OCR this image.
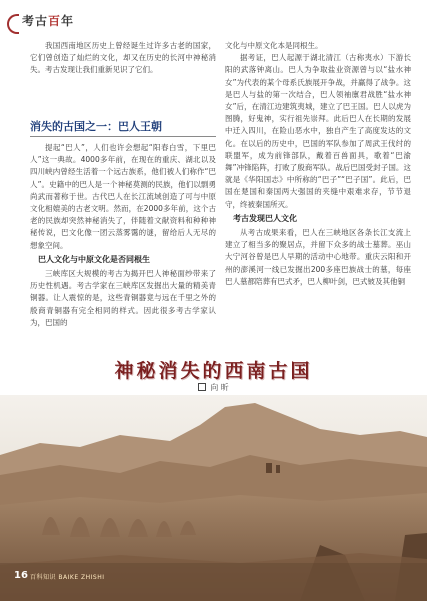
考古百年

我国西南地区历史上曾经诞生过许多古老的国家，它们曾创造了灿烂的文化，却又在历史的长河中神秘消失。考古发现让我们重新见识了它们。

消失的古国之一：巴人王朝

提起“巴人”，人们也许会想起“阳春白雪，下里巴人”这一典故。4000多年前，在现在的重庆、湖北以及四川峡内曾经生活着一个远古族系，他们被人们称作“巴人”。史籍中的巴人是一个神秘莫测的民族，他们以剽勇尚武而著称于世。古代巴人在长江流域创造了可与中原文化相媲美的古老文明。然而，在2000多年前，这个古老的民族却突然神秘消失了，伴随着文献资料和种种神秘传说，巴文化像一团云蒸雾霭的谜，留给后人无尽的想象空间。

巴人文化与中原文化是否同根生

三峡库区大规模的考古为揭开巴人神秘面纱带来了历史性机遇。考古学家在三峡库区发掘出大量的精美青铜器。让人震惊的是，这些青铜器竟与远在千里之外的殷商青铜器有完全相同的样式。因此很多考古学家认为，巴国的

文化与中原文化本是同根生。

据考证，巴人起源于湖北清江（古称夷水）下游长阳的武落钟离山。巴人为争取盐业资源曾与以“盐水神女”为代表的某个母系氏族展开争战，并赢得了战争。这是巴人与盐的第一次结合，巴人领袖廪君战胜“盐水神女”后，在清江边建筑夷城，建立了巴王国。巴人以虎为图腾，好鬼神，实行祖先崇拜。此后巴人在长期的发展中迁入四川，在险山恶水中，独自产生了高度发达的文化。在以后的历史中，巴国的军队参加了周武王伐纣的联盟军，成为前锋部队，戴着百兽面具，歌着“巴渝舞”冲锋陷阵，打败了殷商军队。战后巴国受封子国。这就是《华阳国志》中所称的“巴子”“巴子国”。此后，巴国在楚国和秦国两大强国的夹缝中艰难求存，节节退守，终被秦国所灭。

考古发现巴人文化

从考古成果来看，巴人在三峡地区各条长江支流上建立了相当多的聚居点，并留下众多的战士墓葬。巫山大宁河谷曾是巴人早期的活动中心地带。重庆云阳和开州的澎溪河一线已发掘出200多座巴族战士的墓，每座巴人墓都陪葬有巴式矛，巴人柳叶剑，巴式铍及其他铜

神秘消失的西南古国
向 昕
16 百科知识 BAIKE ZHISHI
